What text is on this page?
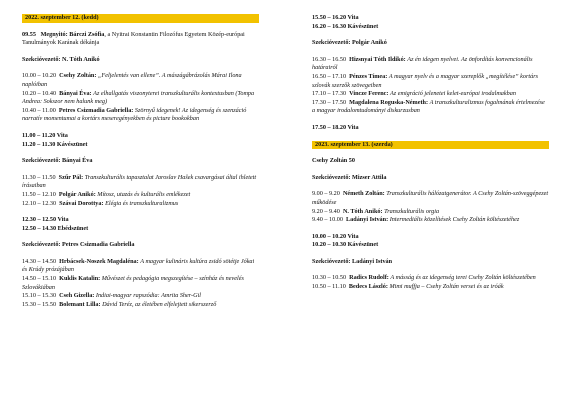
2022. szeptember 12. (kedd)

09.55 Megnyitó: Bárczi Zsófia, a Nyitrai Konstantin Filozófus Egyetem Közép-európai Tanulmányok Karának dékánja

Szekcióvezető: N. Tóth Anikó

10.00 – 10.20 Csehy Zoltán: „Feljelentés van ellene”. A mászágábrázolás Márai Ilona naplóiban

10.20 – 10.40 Bányai Éva: Az elhallgatás viszonyterei transzkulturális kontextusban (Tompa Andrea: Sokszor nem halunk meg)

10.40 – 11.00 Petres Csizmadia Gabriella: Szörnyű idegenek! Az idegenség és szenzáció narratív momentumai a kortárs meseregényekben és picture bookokban

11.00 – 11.20 Vita

11.20 – 11.30 Kávészünet

Szekcióvezető: Bányai Éva

11.30 – 11.50 Szűr Pál: Transzkulturális tapasztalat Jaroslav Hašek csavargásai által ihletett írásaiban

11.50 – 12.10 Polgár Anikó: Mítosz, utazás és kulturális emlékezet

12.10 – 12.30 Szávai Dorottya: Elégia és transzkulturalizmus

12.30 – 12.50 Vita

12.50 – 14.30 Ebédszünet

Szekcióvezető: Petres Csizmadia Gabriella

14.30 – 14.50 Hrbácsek-Noszek Magdaléna: A magyar kulináris kultúra zsidó sötétje Jókai és Krúdy prózájában

14.50 – 15.10 Kuklis Katalin: Művészet és pedagógia megszegítése – színház és nevelés Szlovákiában

15.10 – 15.30 Cseh Gizella: Indiai-magyar rapszódia: Amrita Sher-Gil

15.30 – 15.50 Bolemant Lilla: Dávid Teréz, az életében elfelejtett sikerszerző

15.50 – 16.20 Vita

16.20 – 16.30 Kávészünet

Szekcióvezető: Polgár Anikó

16.30 – 16.50 Hizsnyai Tóth Ildikó: Az én idegen nyelvei. Az önfordítás konvencionális határairól

16.50 – 17.10 Pénzes Tímea: A magyar nyelv és a magyar szereplők „megítélése” kortárs szlovák szerzők szövegeiben

17.10 – 17.30 Vincze Ferenc: Az emigráció jelenetei kelet-európai irodalmakban

17.30 – 17.50 Magdalena Roguska-Németh: A transzkulturalizmus fogalmának értelmezése a magyar irodalomtudományi diskurzusban

17.50 – 18.20 Vita

2023. szeptember 13. (szerda)

Csehy Zoltán 50

Szekcióvezető: Mizser Attila

9.00 – 9.20 Németh Zoltán: Transzkulturális hálózatgenerátor. A Csehy Zoltán-szöveggépezet működése

9.20 – 9.40 N. Tóth Anikó: Transzkulturális orgia

9.40 – 10.00 Ladányi István: Intermediális közelítések Csehy Zoltán költészetéhez

10.00 – 10.20 Vita

10.20 – 10.30 Kávészünet

Szekcióvezető: Ladányi István

10.30 – 10.50 Radics Rudolf: A másság és az idegenség terei Csehy Zoltán költészetében

10.50 – 11.10 Bedecs László: Mimi muffja – Csehy Zoltán versei és az iróák
